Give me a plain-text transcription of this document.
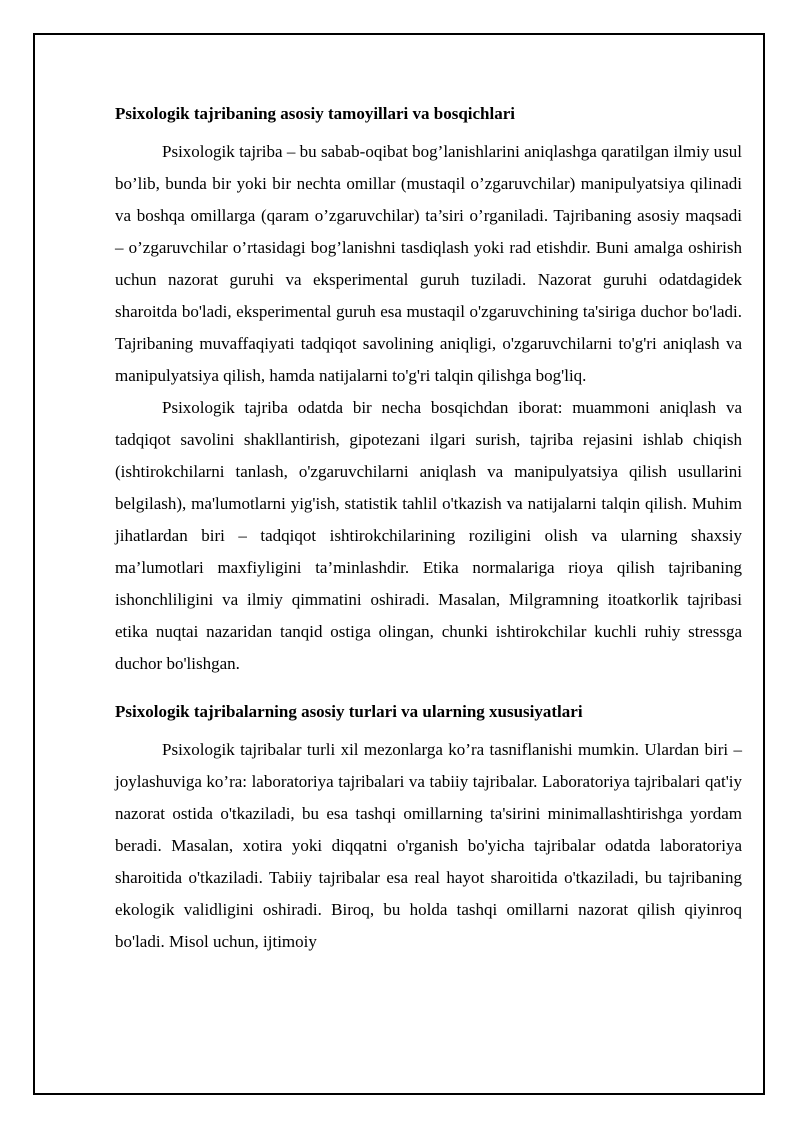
Psixologik tajribaning asosiy tamoyillari va bosqichlari

Psixologik tajriba – bu sabab-oqibat bog’lanishlarini aniqlashga qaratilgan ilmiy usul bo’lib, bunda bir yoki bir nechta omillar (mustaqil o’zgaruvchilar) manipulyatsiya qilinadi va boshqa omillarga (qaram o’zgaruvchilar) ta’siri o’rganiladi. Tajribaning asosiy maqsadi – o’zgaruvchilar o’rtasidagi bog’lanishni tasdiqlash yoki rad etishdir. Buni amalga oshirish uchun nazorat guruhi va eksperimental guruh tuziladi. Nazorat guruhi odatdagidek sharoitda bo'ladi, eksperimental guruh esa mustaqil o'zgaruvchining ta'siriga duchor bo'ladi. Tajribaning muvaffaqiyati tadqiqot savolining aniqligi, o'zgaruvchilarni to'g'ri aniqlash va manipulyatsiya qilish, hamda natijalarni to'g'ri talqin qilishga bog'liq.

Psixologik tajriba odatda bir necha bosqichdan iborat: muammoni aniqlash va tadqiqot savolini shakllantirish, gipotezani ilgari surish, tajriba rejasini ishlab chiqish (ishtirokchilarni tanlash, o'zgaruvchilarni aniqlash va manipulyatsiya qilish usullarini belgilash), ma'lumotlarni yig'ish, statistik tahlil o'tkazish va natijalarni talqin qilish. Muhim jihatlardan biri – tadqiqot ishtirokchilarining roziligini olish va ularning shaxsiy ma’lumotlari maxfiyligini ta’minlashdir. Etika normalariga rioya qilish tajribaning ishonchliligini va ilmiy qimmatini oshiradi. Masalan, Milgramning itoatkorlik tajribasi etika nuqtai nazaridan tanqid ostiga olingan, chunki ishtirokchilar kuchli ruhiy stressga duchor bo'lishgan.

Psixologik tajribalarning asosiy turlari va ularning xususiyatlari

Psixologik tajribalar turli xil mezonlarga ko’ra tasniflanishi mumkin. Ulardan biri – joylashuviga ko’ra: laboratoriya tajribalari va tabiiy tajribalar. Laboratoriya tajribalari qat'iy nazorat ostida o'tkaziladi, bu esa tashqi omillarning ta'sirini minimallashtirishga yordam beradi. Masalan, xotira yoki diqqatni o'rganish bo'yicha tajribalar odatda laboratoriya sharoitida o'tkaziladi. Tabiiy tajribalar esa real hayot sharoitida o'tkaziladi, bu tajribaning ekologik validligini oshiradi. Biroq, bu holda tashqi omillarni nazorat qilish qiyinroq bo'ladi. Misol uchun, ijtimoiy
